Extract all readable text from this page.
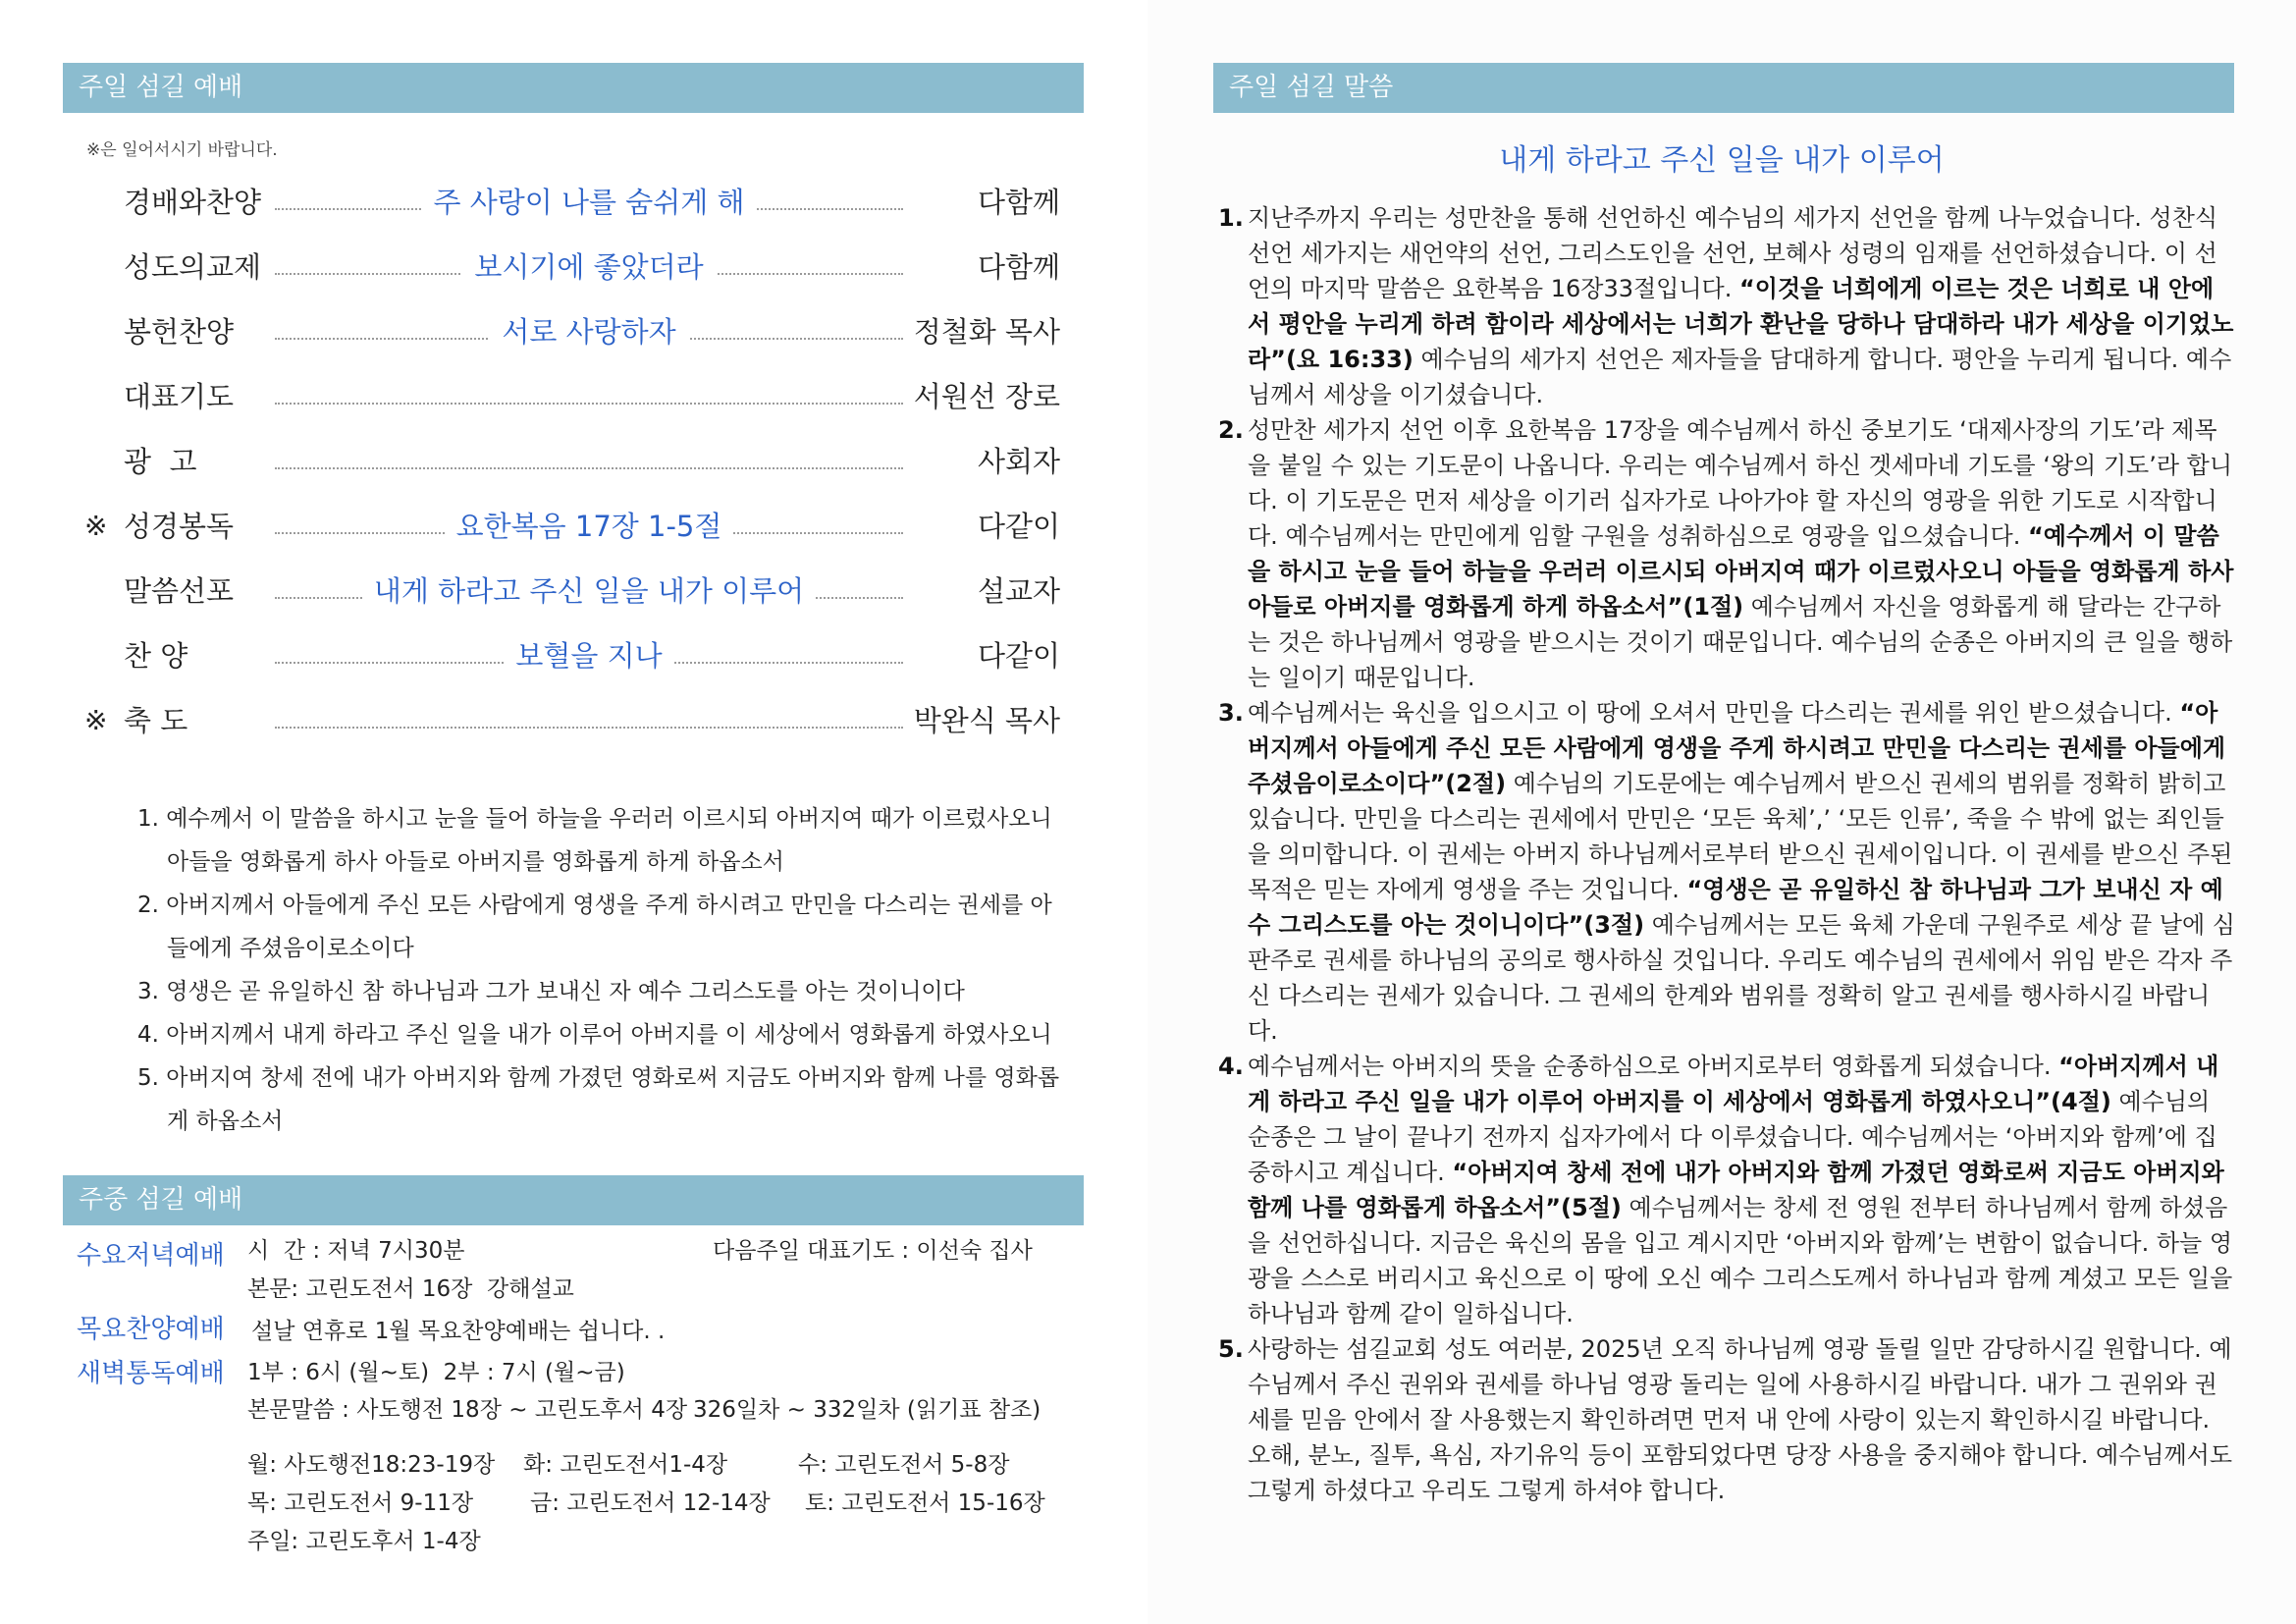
주일 섬길 예배
※은 일어서시기 바랍니다.
경배와찬양	주 사랑이 나를 숨쉬게 해	다함께
성도의교제	보시기에 좋았더라	다함께
봉헌찬양	서로 사랑하자	정철화 목사
대표기도	서원선 장로
광  고	사회자
※ 성경봉독	요한복음 17장 1-5절	다같이
말씀선포	내게 하라고 주신 일을 내가 이루어	설교자
찬 양	보혈을 지나	다같이
※ 축 도	박완식 목사
1. 예수께서 이 말씀을 하시고 눈을 들어 하늘을 우러러 이르시되 아버지여 때가 이르렀사오니 아들을 영화롭게 하사 아들로 아버지를 영화롭게 하게 하옵소서
2. 아버지께서 아들에게 주신 모든 사람에게 영생을 주게 하시려고 만민을 다스리는 권세를 아들에게 주셨음이로소이다
3. 영생은 곧 유일하신 참 하나님과 그가 보내신 자 예수 그리스도를 아는 것이니이다
4. 아버지께서 내게 하라고 주신 일을 내가 이루어 아버지를 이 세상에서 영화롭게 하였사오니
5. 아버지여 창세 전에 내가 아버지와 함께 가졌던 영화로써 지금도 아버지와 함께 나를 영화롭게 하옵소서
주중 섬길 예배
수요저녁예배 시  간 : 저녁 7시30분	다음주일 대표기도 : 이선숙 집사
본문: 고린도전서 16장  강해설교
목요찬양예배 설날 연휴로 1월 목요찬양예배는 쉽니다. .
새벽통독예배 1부 : 6시 (월~토)  2부 : 7시 (월~금)
본문말씀 : 사도행전 18장 ~ 고린도후서 4장 326일차 ~ 332일차 (읽기표 참조)
월: 사도행전18:23-19장 화: 고린도전서1-4장	수: 고린도전서 5-8장
목: 고린도전서 9-11장	금: 고린도전서 12-14장 토: 고린도전서 15-16장
주일: 고린도후서 1-4장
주일 섬길 말씀
내게 하라고 주신 일을 내가 이루어
1. 지난주까지 우리는 성만찬을 통해 선언하신 예수님의 세가지 선언을 함께 나누었습니다. 성찬식 선언 세가지는 새언약의 선언, 그리스도인을 선언, 보혜사 성령의 임재를 선언하셨습니다. 이 선언의 마지막 말씀은 요한복음 16장33절입니다. “이것을 너희에게 이르는 것은 너희로 내 안에서 평안을 누리게 하려 함이라 세상에서는 너희가 환난을 당하나 담대하라 내가 세상을 이기었노라”(요 16:33) 예수님의 세가지 선언은 제자들을 담대하게 합니다. 평안을 누리게 됩니다. 예수님께서 세상을 이기셨습니다.
2. 성만찬 세가지 선언 이후 요한복음 17장을 예수님께서 하신 중보기도 ‘대제사장의 기도’라 제목을 붙일 수 있는 기도문이 나옵니다. 우리는 예수님께서 하신 겟세마네 기도를 ‘왕의 기도’라 합니다. 이 기도문은 먼저 세상을 이기러 십자가로 나아가야 할 자신의 영광을 위한 기도로 시작합니다. 예수님께서는 만민에게 임할 구원을 성취하심으로 영광을 입으셨습니다. “예수께서 이 말씀을 하시고 눈을 들어 하늘을 우러러 이르시되 아버지여 때가 이르렀사오니 아들을 영화롭게 하사 아들로 아버지를 영화롭게 하게 하옵소서”(1절) 예수님께서 자신을 영화롭게 해 달라는 간구하는 것은 하나님께서 영광을 받으시는 것이기 때문입니다. 예수님의 순종은 아버지의 큰 일을 행하는 일이기 때문입니다.
3. 예수님께서는 육신을 입으시고 이 땅에 오셔서 만민을 다스리는 권세를 위인 받으셨습니다. “아버지께서 아들에게 주신 모든 사람에게 영생을 주게 하시려고 만민을 다스리는 권세를 아들에게 주셨음이로소이다”(2절) 예수님의 기도문에는 예수님께서 받으신 권세의 범위를 정확히 밝히고 있습니다. 만민을 다스리는 권세에서 만민은 ‘모든 육체’,’ ‘모든 인류’, 죽을 수 밖에 없는 죄인들을 의미합니다. 이 권세는 아버지 하나님께서로부터 받으신 권세이입니다. 이 권세를 받으신 주된 목적은 믿는 자에게 영생을 주는 것입니다. “영생은 곧 유일하신 참 하나님과 그가 보내신 자 예수 그리스도를 아는 것이니이다”(3절) 예수님께서는 모든 육체 가운데 구원주로 세상 끝 날에 심판주로 권세를 하나님의 공의로 행사하실 것입니다. 우리도 예수님의 권세에서 위임 받은 각자 주신 다스리는 권세가 있습니다. 그 권세의 한계와 범위를 정확히 알고 권세를 행사하시길 바랍니다.
4. 예수님께서는 아버지의 뜻을 순종하심으로 아버지로부터 영화롭게 되셨습니다. “아버지께서 내게 하라고 주신 일을 내가 이루어 아버지를 이 세상에서 영화롭게 하였사오니”(4절) 예수님의 순종은 그 날이 끝나기 전까지 십자가에서 다 이루셨습니다. 예수님께서는 ‘아버지와 함께’에 집중하시고 계십니다. “아버지여 창세 전에 내가 아버지와 함께 가졌던 영화로써 지금도 아버지와 함께 나를 영화롭게 하옵소서”(5절) 예수님께서는 창세 전 영원 전부터 하나님께서 함께 하셨음을 선언하십니다. 지금은 육신의 몸을 입고 계시지만 ‘아버지와 함께’는 변함이 없습니다. 하늘 영광을 스스로 버리시고 육신으로 이 땅에 오신 예수 그리스도께서 하나님과 함께 계셨고 모든 일을 하나님과 함께 같이 일하십니다.
5. 사랑하는 섬길교회 성도 여러분, 2025년 오직 하나님께 영광 돌릴 일만 감당하시길 원합니다. 예수님께서 주신 권위와 권세를 하나님 영광 돌리는 일에 사용하시길 바랍니다. 내가 그 권위와 권세를 믿음 안에서 잘 사용했는지 확인하려면 먼저 내 안에 사랑이 있는지 확인하시길 바랍니다. 오해, 분노, 질투, 욕심, 자기유익 등이 포함되었다면 당장 사용을 중지해야 합니다. 예수님께서도 그렇게 하셨다고 우리도 그렇게 하셔야 합니다.
